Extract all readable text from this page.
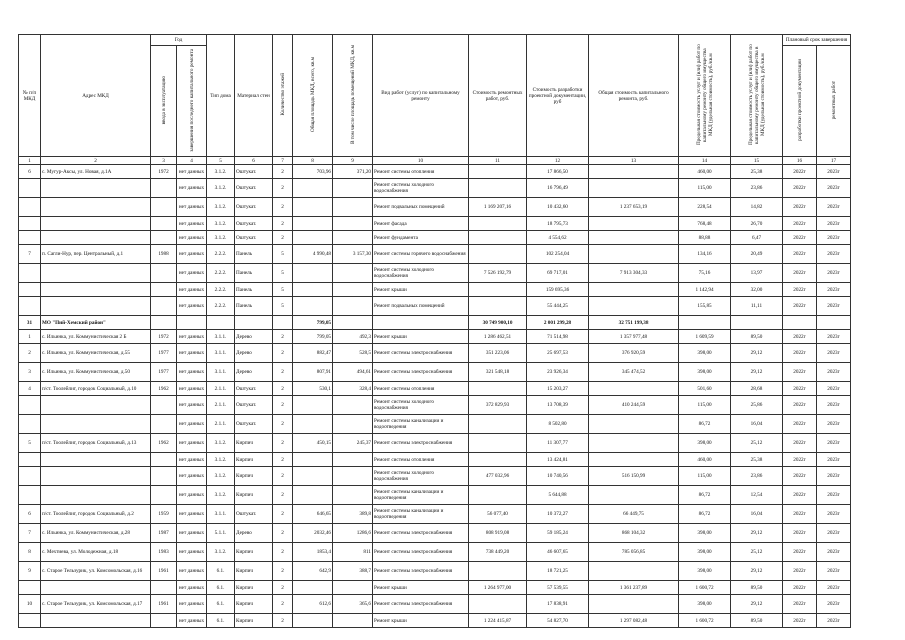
№ п/п МКД	Адрес МКД	Год		Тип дома	Материал стен	Количество этажей	Общая площадь МКД, всего, кв.м	В том числе площадь помещений МКД, кв.м	Вид работ (услуг) по капитальному ремонту	Стоимость ремонтных работ, руб.	Стоимость разработки проектной документации, руб	Общая стоимость капитального ремонта, руб.	Предельная стоимость услуг и (или) работ по капитальному ремонту общего имущества МКД (удельная стоимость), руб./кв.м	Предельная стоимость услуг и (или) работ по капитальному ремонту общего имущества в МКД (удельная стоимость), руб./кв.м	Плановый срок завершения	
		ввода в эксплуатацию	завершения последнего капитального ремонта												разработки проектной документации	ремонтных работ
1	2	3	4	5	6	7	8	9	10	11	12	13	14	15	16	17
6	с. Мугур-Аксы, ул. Новая, д.1А	1972	нет данных	3.1.2.	Оштукат.	2	703,96	371,20	Ремонт системы отопления		17 866,50		460,00	25,38	2022г	2023г
			нет данных	3.1.2.	Оштукат.	2			Ремонт системы холодного водоснабжения		16 796,49		115,00	23,86	2022г	2023г
			нет данных	3.1.2.	Оштукат.	2			Ремонт подвальных помещений	1 169 207,16	10 432,60	1 237 653,19	228,54	14,82	2022г	2023г
			нет данных	3.1.2.	Оштукат.	2			Ремонт фасада		18 795,73		768,48	26,70	2022г	2023г
			нет данных	3.1.2.	Оштукат.	2			Ремонт фундамента		4 554,62		88,88	6,47	2022г	2023г
7	п. Сагли-Нур, пер. Центральный, д.1	1988	нет данных	2.2.2.	Панель	5	4 990,48	3 157,30	Ремонт системы горячего водоснабжения		102 254,04		134,16	20,49	2022г	2023г
			нет данных	2.2.2.	Панель	5			Ремонт системы холодного водоснабжения	7 526 192,79	69 717,01	7 913 304,33	75,16	13,97	2022г	2023г
			нет данных	2.2.2.	Панель	5			Ремонт крыши		159 695,36		1 142,94	32,00	2022г	2023г
			нет данных	2.2.2.	Панель	5			Ремонт подвальных помещений		55 444,25		155,85	11,11	2022г	2023г
31	МО "Пий-Хемский район"						799,05			30 749 900,10	2 001 299,28	32 751 199,38				
1	с. Ильинка, ул. Коммунистическая 2 Б	1972	нет данных	3.1.1.	Дерево	2	799,05	492,3	Ремонт крыши	1 286 462,51	71 514,98	1 357 977,48	1 609,59	89,50	2022г	2023г
2	с. Ильинка, ул. Коммунистическая, д.55	1977	нет данных	3.1.1.	Дерево	2	882,47	528,5	Ремонт системы электроснабжения	351 223,06	25 697,53	376 920,59	398,00	29,12	2022г	2023г
3	с. Ильинка, ул. Коммунистическая, д.50	1977	нет данных	3.1.1.	Дерево	2	807,91	494,61	Ремонт системы электроснабжения	321 548,18	23 926,34	345 474,52	398,00	29,12	2022г	2023г
4	п/ст. Тоолейлиг, городок Социальный, д.10	1962	нет данных	2.1.1.	Оштукат.	2	530,1	328,4	Ремонт системы отопления		15 203,27		501,60	28,68	2022г	2023г
			нет данных	2.1.1.	Оштукат.	2			Ремонт системы холодного водоснабжения	372 829,93	13 708,39	410 244,59	115,00	25,86	2022г	2023г
			нет данных	2.1.1.	Оштукат.	2			Ремонт системы канализации и водоотведения		8 502,80		86,72	16,04	2022г	2023г
5	п/ст. Тоолейлиг, городок Социальный, д.13	1962	нет данных	3.1.2.	Кирпич	2	450,15	245,37	Ремонт системы электроснабжения		11 307,77		398,00	25,12	2022г	2023г
			нет данных	3.1.2.	Кирпич	2			Ремонт системы отопления		13 424,81		460,00	25,38	2022г	2023г
			нет данных	3.1.2.	Кирпич	2			Ремонт системы холодного водоснабжения	477 032,96	10 740,56	516 150,99	115,00	23,86	2022г	2023г
			нет данных	3.1.2.	Кирпич	2			Ремонт системы канализации и водоотведения		5 644,88		86,72	12,54	2022г	2023г
6	п/ст. Тоолейлиг, городок Социальный, д.2	1959	нет данных	3.1.1.	Оштукат.	2	646,65	389,8	Ремонт системы канализации и водоотведения	56 077,40	10 372,27	66 449,75	86,72	16,04	2022г	2023г
7	с. Ильинка, ул. Коммунистическая, д.28	1987	нет данных	5.1.1.	Дерево	2	2032,46	1286,6	Ремонт системы электроснабжения	808 919,08	59 185,24	868 104,32	398,00	29,12	2022г	2023г
8	с. Мехтиева, ул. Молодежная, д.18	1983	нет данных	3.1.2.	Кирпич	2	1853,4	811	Ремонт системы электроснабжения	738 449,20	46 607,65	785 056,85	398,00	25,12	2022г	2023г
9	с. Старое Тельзурик, ул. Комсомольская, д.16	1961	нет данных	6.1.	Кирпич	2	642,9	388,7	Ремонт системы электроснабжения		18 721,25		398,00	29,12	2022г	2023г
			нет данных	6.1.	Кирпич	2			Ремонт крыши	1 264 977,00	57 539,55	1 361 237,89	1 600,72	89,50	2022г	2023г
10	с. Старое Тельзурик, ул. Комсомольская, д.17	1961	нет данных	6.1.	Кирпич	2	612,6	365,6	Ремонт системы электроснабжения		17 838,91		398,00	29,12	2022г	2023г
			нет данных	6.1.	Кирпич	2			Ремонт крыши	1 224 415,87	54 827,70	1 297 082,48	1 600,72	89,50	2022г	2023г
